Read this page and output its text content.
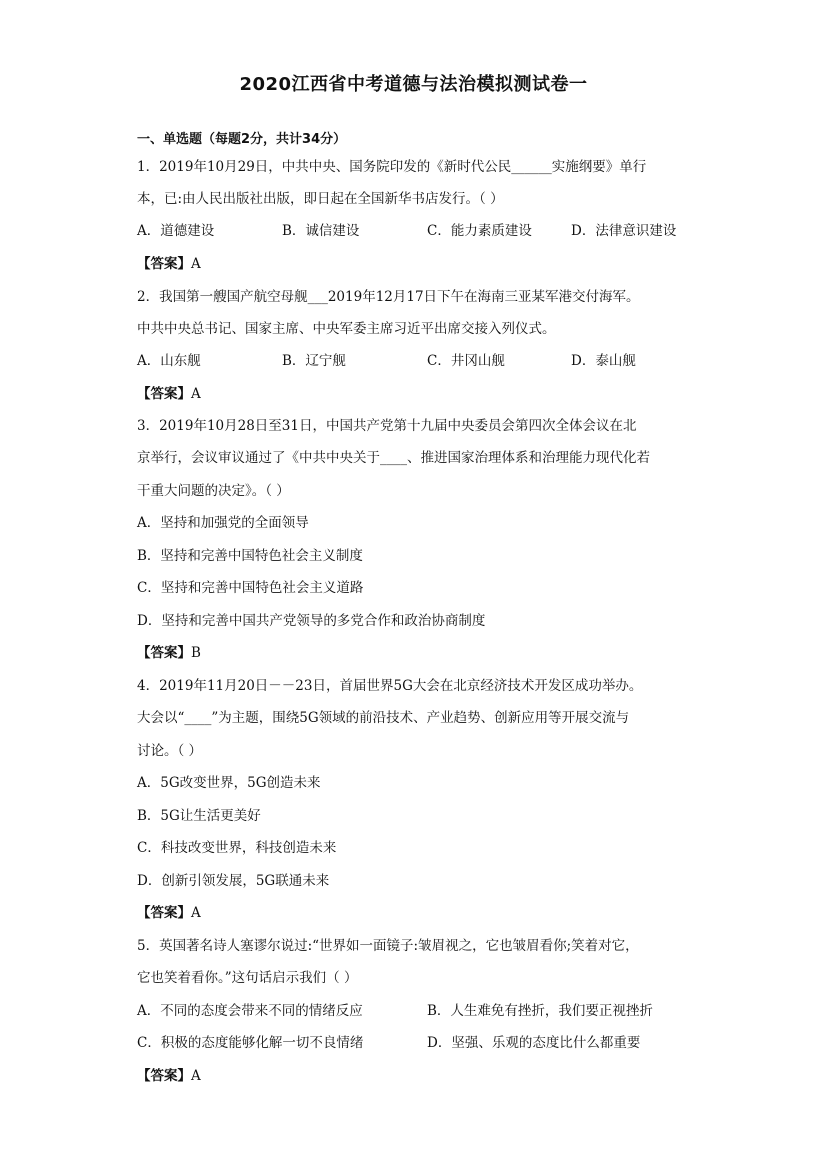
2020江西省中考道德与法治模拟测试卷一
一、单选题（每题2分，共计34分）
1．2019年10月29日，中共中央、国务院印发的《新时代公民______实施纲要》单行
本，已:由人民出版社出版，即日起在全国新华书店发行。（ ）
A．道德建设	B．诚信建设	C．能力素质建设	D．法律意识建设
【答案】A
2．我国第一艘国产航空母舰___2019年12月17日下午在海南三亚某军港交付海军。
中共中央总书记、国家主席、中央军委主席习近平出席交接入列仪式。
A．山东舰	B．辽宁舰	C．井冈山舰	D．泰山舰
【答案】A
3．2019年10月28日至31日，中国共产党第十九届中央委员会第四次全体会议在北
京举行，会议审议通过了《中共中央关于____、推进国家治理体系和治理能力现代化若
干重大问题的决定》。（ ）
A．坚持和加强党的全面领导
B．坚持和完善中国特色社会主义制度
C．坚持和完善中国特色社会主义道路
D．坚持和完善中国共产党领导的多党合作和政治协商制度
【答案】B
4．2019年11月20日－－23日，首届世界5G大会在北京经济技术开发区成功举办。
大会以“____”为主题，围绕5G领域的前沿技术、产业趋势、创新应用等开展交流与
讨论。（ ）
A．5G改变世界，5G创造未来
B．5G让生活更美好
C．科技改变世界，科技创造未来
D．创新引领发展，5G联通未来
【答案】A
5．英国著名诗人塞谬尔说过:“世界如一面镜子:皱眉视之，它也皱眉看你;笑着对它，
它也笑着看你。”这句话启示我们（ ）
A．不同的态度会带来不同的情绪反应	B．人生难免有挫折，我们要正视挫折
C．积极的态度能够化解一切不良情绪	D．坚强、乐观的态度比什么都重要
【答案】A
